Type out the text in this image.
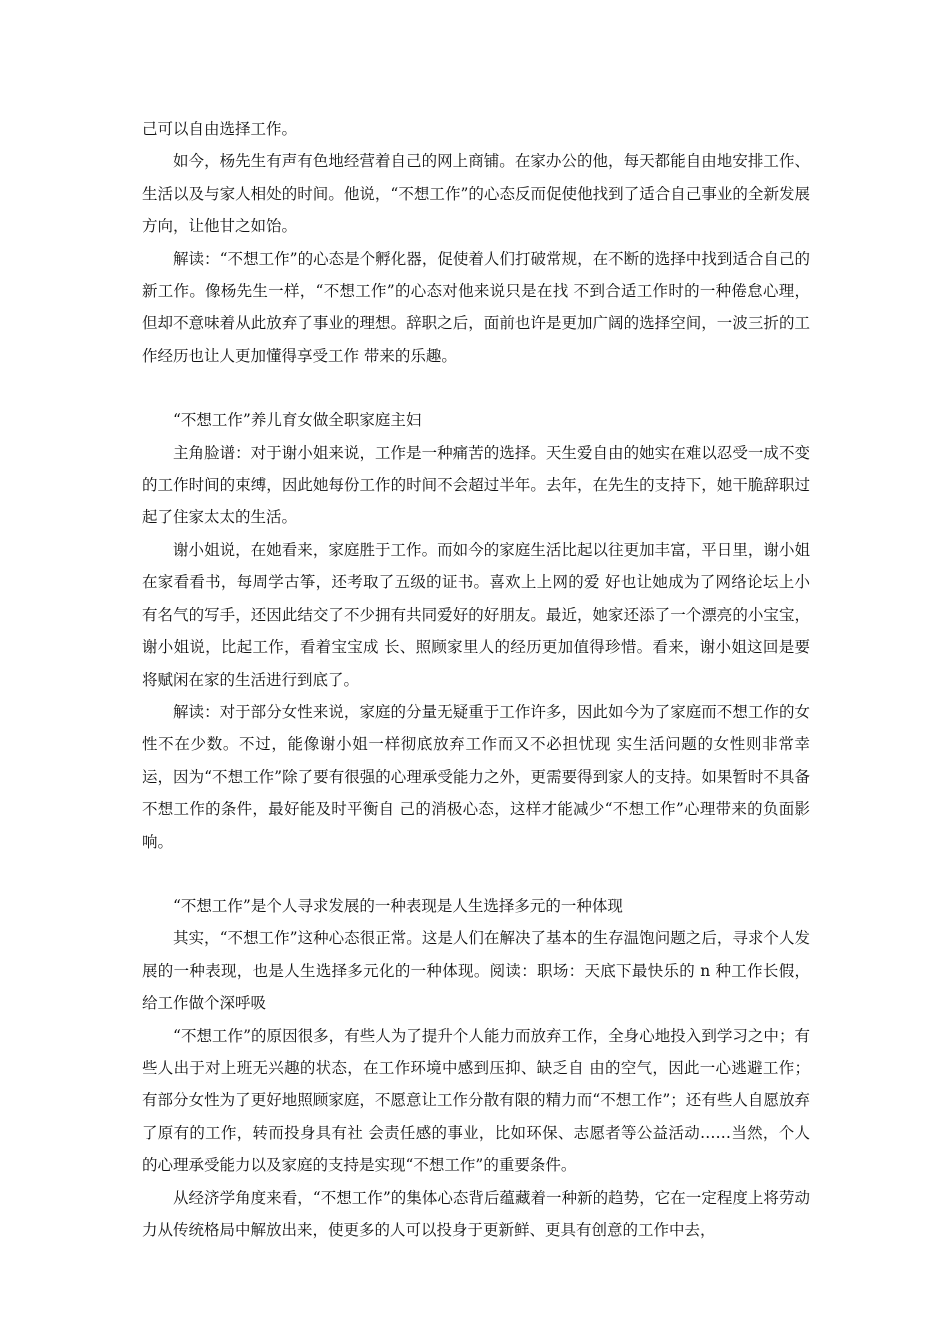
己可以自由选择工作。

如今，杨先生有声有色地经营着自己的网上商铺。在家办公的他，每天都能自由地安排工作、生活以及与家人相处的时间。他说，“不想工作”的心态反而促使他找到了适合自己事业的全新发展方向，让他甘之如饴。

解读：“不想工作”的心态是个孵化器，促使着人们打破常规，在不断的选择中找到适合自己的新工作。像杨先生一样，“不想工作”的心态对他来说只是在找 不到合适工作时的一种倦怠心理，但却不意味着从此放弃了事业的理想。辞职之后，面前也许是更加广阔的选择空间，一波三折的工作经历也让人更加懂得享受工作 带来的乐趣。

“不想工作”养儿育女做全职家庭主妇

主角脸谱：对于谢小姐来说，工作是一种痛苦的选择。天生爱自由的她实在难以忍受一成不变的工作时间的束缚，因此她每份工作的时间不会超过半年。去年，在先生的支持下，她干脆辞职过起了住家太太的生活。

谢小姐说，在她看来，家庭胜于工作。而如今的家庭生活比起以往更加丰富，平日里，谢小姐在家看看书，每周学古筝，还考取了五级的证书。喜欢上上网的爱 好也让她成为了网络论坛上小有名气的写手，还因此结交了不少拥有共同爱好的好朋友。最近，她家还添了一个漂亮的小宝宝，谢小姐说，比起工作，看着宝宝成 长、照顾家里人的经历更加值得珍惜。看来，谢小姐这回是要将赋闲在家的生活进行到底了。

解读：对于部分女性来说，家庭的分量无疑重于工作许多，因此如今为了家庭而不想工作的女性不在少数。不过，能像谢小姐一样彻底放弃工作而又不必担忧现 实生活问题的女性则非常幸运，因为“不想工作”除了要有很强的心理承受能力之外，更需要得到家人的支持。如果暂时不具备不想工作的条件，最好能及时平衡自 己的消极心态，这样才能减少“不想工作”心理带来的负面影响。

“不想工作”是个人寻求发展的一种表现是人生选择多元的一种体现

其实，“不想工作”这种心态很正常。这是人们在解决了基本的生存温饱问题之后，寻求个人发展的一种表现，也是人生选择多元化的一种体现。阅读：职场：天底下最快乐的 n 种工作长假，给工作做个深呼吸

“不想工作”的原因很多，有些人为了提升个人能力而放弃工作，全身心地投入到学习之中；有些人出于对上班无兴趣的状态，在工作环境中感到压抑、缺乏自 由的空气，因此一心逃避工作；有部分女性为了更好地照顾家庭，不愿意让工作分散有限的精力而“不想工作”；还有些人自愿放弃了原有的工作，转而投身具有社 会责任感的事业，比如环保、志愿者等公益活动……当然，个人的心理承受能力以及家庭的支持是实现“不想工作”的重要条件。

从经济学角度来看，“不想工作”的集体心态背后蕴藏着一种新的趋势，它在一定程度上将劳动力从传统格局中解放出来，使更多的人可以投身于更新鲜、更具有创意的工作中去，
